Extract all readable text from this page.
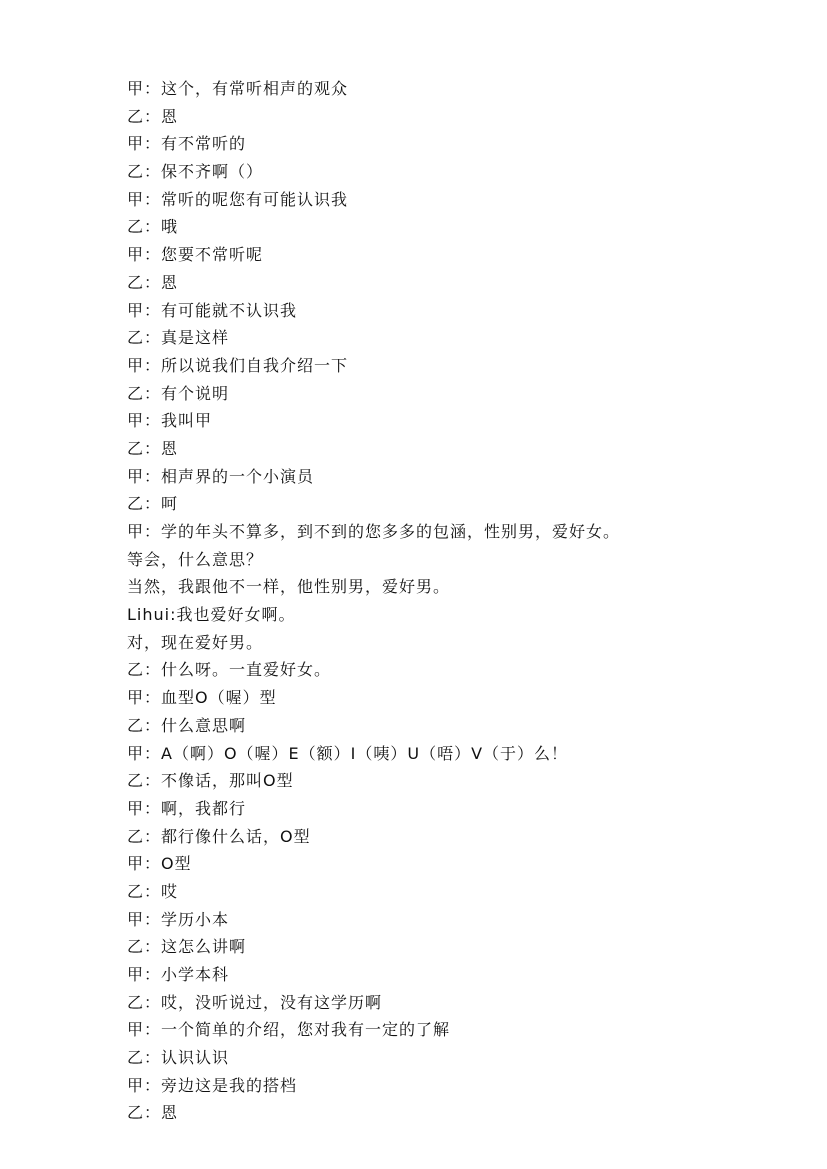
甲：这个，有常听相声的观众
乙：恩
甲：有不常听的
乙：保不齐啊（）
甲：常听的呢您有可能认识我
乙：哦
甲：您要不常听呢
乙：恩
甲：有可能就不认识我
乙：真是这样
甲：所以说我们自我介绍一下
乙：有个说明
甲：我叫甲
乙：恩
甲：相声界的一个小演员
乙：呵
甲：学的年头不算多，到不到的您多多的包涵，性别男，爱好女。
等会，什么意思？
当然，我跟他不一样，他性别男，爱好男。
Lihui:我也爱好女啊。
对，现在爱好男。
乙：什么呀。一直爱好女。
甲：血型O（喔）型
乙：什么意思啊
甲：A（啊）O（喔）E（额）I（咦）U（唔）V（于）么！
乙：不像话，那叫O型
甲：啊，我都行
乙：都行像什么话，O型
甲：O型
乙：哎
甲：学历小本
乙：这怎么讲啊
甲：小学本科
乙：哎，没听说过，没有这学历啊
甲：一个简单的介绍，您对我有一定的了解
乙：认识认识
甲：旁边这是我的搭档
乙：恩
